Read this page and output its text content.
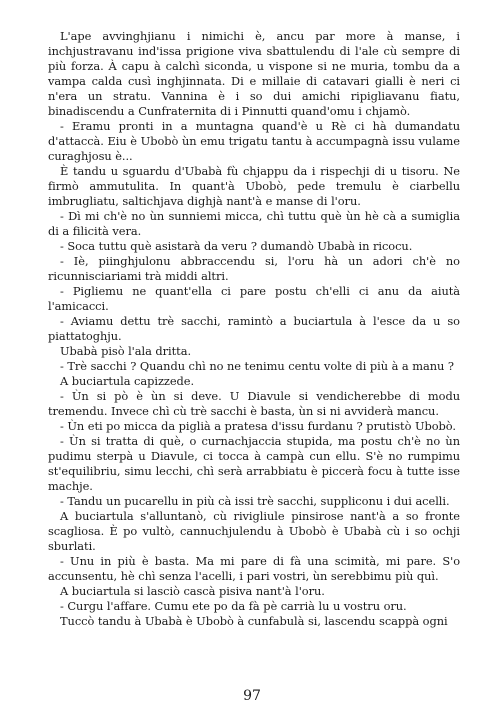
L'ape avvinghjianu i nimichi è, ancu par more à manse, i inchjustravanu ind'issa prigione viva sbattulendu di l'ale cù sempre di più forza. À capu à calchì siconda, u vispone si ne muria, tombu da a vampa calda cusì inghjinnata. Di e millaie di catavari gialli è neri ci n'era un stratu. Vannina è i so dui amichi ripigliavanu fiatu, binadiscendu a Cunfraternita di i Pinnutti quand'omu i chjamò.

- Eramu pronti in a muntagna quand'è u Rè ci hà dumandatu d'attaccà. Eiu è Ubobò ùn emu trigatu tantu à accumpagnà issu vulame curaghjosu è...

È tandu u sguardu d'Ubabà fù chjappu da i rispechji di u tisoru. Ne firmò ammutulita. In quant'à Ubobò, pede tremulu è ciarbellu imbrugliatu, saltichjava dighjà nant'à e manse di l'oru.

- Dì mi ch'è no ùn sunniemi micca, chì tuttu què ùn hè cà a sumiglia di a filicità vera.

- Soca tuttu què asistarà da veru ? dumandò Ubabà in ricocu.

- Iè, piinghjulonu abbraccendu si, l'oru hà un adori ch'è no ricunnisciariami trà middi altri.

- Pigliemu ne quant'ella ci pare postu ch'elli ci anu da aiutà l'amicacci.

- Aviamu dettu trè sacchi, ramintò a buciartula à l'esce da u so piattatoghju.

Ubabà pisò l'ala dritta.

- Trè sacchi ? Quandu chì no ne tenimu centu volte di più à a manu ?

A buciartula capizzede.

- Ùn si pò è ùn si deve. U Diavule si vendicherebbe di modu tremendu. Invece chì cù trè sacchi è basta, ùn si ni avviderà mancu.

- Ùn eti po micca da piglià a pratesa d'issu furdanu ? prutistò Ubobò.

- Ùn si tratta di què, o curnachjaccia stupida, ma postu ch'è no ùn pudimu sterpà u Diavule, ci tocca à campà cun ellu. S'è no rumpimu st'equilibriu, simu lecchi, chì serà arrabbiatu è piccerà focu à tutte isse machje.

- Tandu un pucarellu in più cà issi trè sacchi, suppliconu i dui acelli.

A buciartula s'alluntanò, cù rivigliule pinsirose nant'à a so fronte scagliosa. È po vultò, cannuchjulendu à Ubobò è Ubabà cù i so ochji sburlati.

- Unu in più è basta. Ma mi pare di fà una scimità, mi pare. S'o accunsentu, hè chì senza l'acelli, i pari vostri, ùn serebbimu più quì.

A buciartula si lasciò cascà pisiva nant'à l'oru.

- Curgu l'affare. Cumu ete po da fà pè carrià lu u vostru oru.

Tuccò tandu à Ubabà è Ubobò à cunfabulà si, lascendu scappà ogni

97
